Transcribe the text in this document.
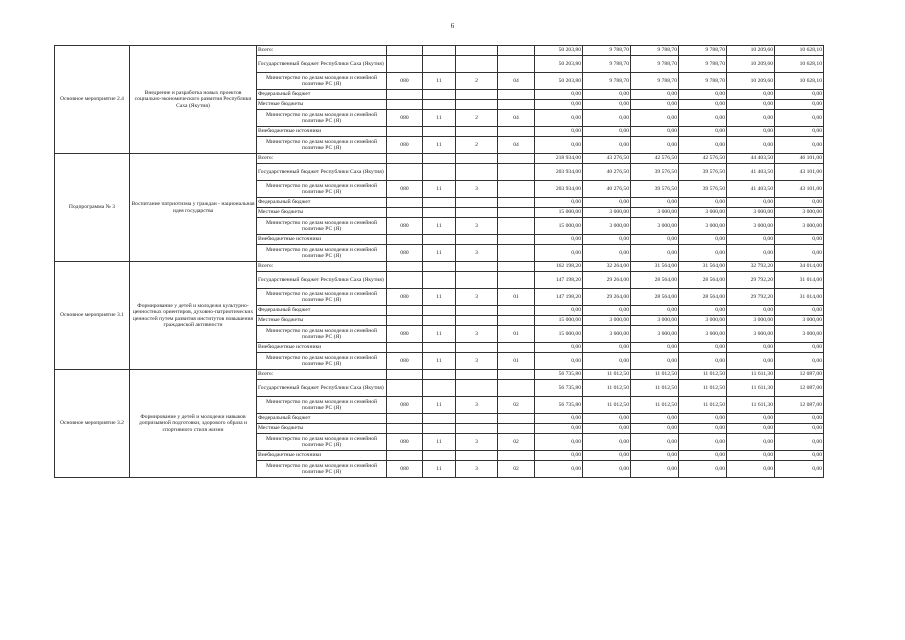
6
Основное мероприятие 2.4	Внедрение и разработка новых проектов социально-экономического развития Республики Саха (Якутия)	Всего:					50 203,80	9 788,70	9 788,70	9 788,70	10 209,60	10 628,10
		Государственный бюджет Республики Саха (Якутия)					50 203,80	9 788,70	9 788,70	9 788,70	10 209,60	10 628,10
		Министерство по делам молодежи и семейной политике РС (Я)	080	11	2	04	50 203,80	9 788,70	9 788,70	9 788,70	10 209,60	10 628,10
		Федеральный бюджет					0,00	0,00	0,00	0,00	0,00	0,00
		Местные бюджеты					0,00	0,00	0,00	0,00	0,00	0,00
		Министерство по делам молодежи и семейной политике РС (Я)	080	11	2	04	0,00	0,00	0,00	0,00	0,00	0,00
		Внебюджетные источники					0,00	0,00	0,00	0,00	0,00	0,00
		Министерство по делам молодежи и семейной политике РС (Я)	080	11	2	04	0,00	0,00	0,00	0,00	0,00	0,00
Подпрограмма № 3	Воспитание патриотизма у граждан - национальная идея государства	Всего:					218 934,00	43 276,50	42 576,50	42 576,50	44 403,50	46 101,00
		Государственный бюджет Республики Саха (Якутия)					203 934,00	40 276,50	39 576,50	39 576,50	41 403,50	43 101,00
		Министерство по делам молодежи и семейной политике РС (Я)	080	11	3		203 934,00	40 276,50	39 576,50	39 576,50	41 403,50	43 101,00
		Федеральный бюджет					0,00	0,00	0,00	0,00	0,00	0,00
		Местные бюджеты					15 000,00	3 000,00	3 000,00	3 000,00	3 000,00	3 000,00
		Министерство по делам молодежи и семейной политике РС (Я)	080	11	3		15 000,00	3 000,00	3 000,00	3 000,00	3 000,00	3 000,00
		Внебюджетные источники					0,00	0,00	0,00	0,00	0,00	0,00
		Министерство по делам молодежи и семейной политике РС (Я)	080	11	3		0,00	0,00	0,00	0,00	0,00	0,00
Основное мероприятие 3.1	Формирование у детей и молодежи культурно-ценностных ориентиров, духовно-патриотических ценностей путем развития институтов повышения гражданской активности	Всего:					162 198,20	32 264,00	31 564,00	31 564,00	32 792,20	34 014,00
		Государственный бюджет Республики Саха (Якутия)					147 198,20	29 264,00	28 564,00	28 564,00	29 792,20	31 014,00
		Министерство по делам молодежи и семейной политике РС (Я)	080	11	3	01	147 198,20	29 264,00	28 564,00	28 564,00	29 792,20	31 014,00
		Федеральный бюджет					0,00	0,00	0,00	0,00	0,00	0,00
		Местные бюджеты					15 000,00	3 000,00	3 000,00	3 000,00	3 000,00	3 000,00
		Министерство по делам молодежи и семейной политике РС (Я)	080	11	3	01	15 000,00	3 000,00	3 000,00	3 000,00	3 000,00	3 000,00
		Внебюджетные источники					0,00	0,00	0,00	0,00	0,00	0,00
		Министерство по делам молодежи и семейной политике РС (Я)	080	11	3	01	0,00	0,00	0,00	0,00	0,00	0,00
Основное мероприятие 3.2	Формирование у детей и молодежи навыков допризывной подготовки, здорового образа и спортивного стиля жизни	Всего:					56 735,80	11 012,50	11 012,50	11 012,50	11 611,30	12 087,00
		Государственный бюджет Республики Саха (Якутия)					56 735,80	11 012,50	11 012,50	11 012,50	11 611,30	12 087,00
		Министерство по делам молодежи и семейной политике РС (Я)	080	11	3	02	56 735,80	11 012,50	11 012,50	11 012,50	11 611,30	12 087,00
		Федеральный бюджет					0,00	0,00	0,00	0,00	0,00	0,00
		Местные бюджеты					0,00	0,00	0,00	0,00	0,00	0,00
		Министерство по делам молодежи и семейной политике РС (Я)	080	11	3	02	0,00	0,00	0,00	0,00	0,00	0,00
		Внебюджетные источники					0,00	0,00	0,00	0,00	0,00	0,00
		Министерство по делам молодежи и семейной политике РС (Я)	080	11	3	02	0,00	0,00	0,00	0,00	0,00	0,00
